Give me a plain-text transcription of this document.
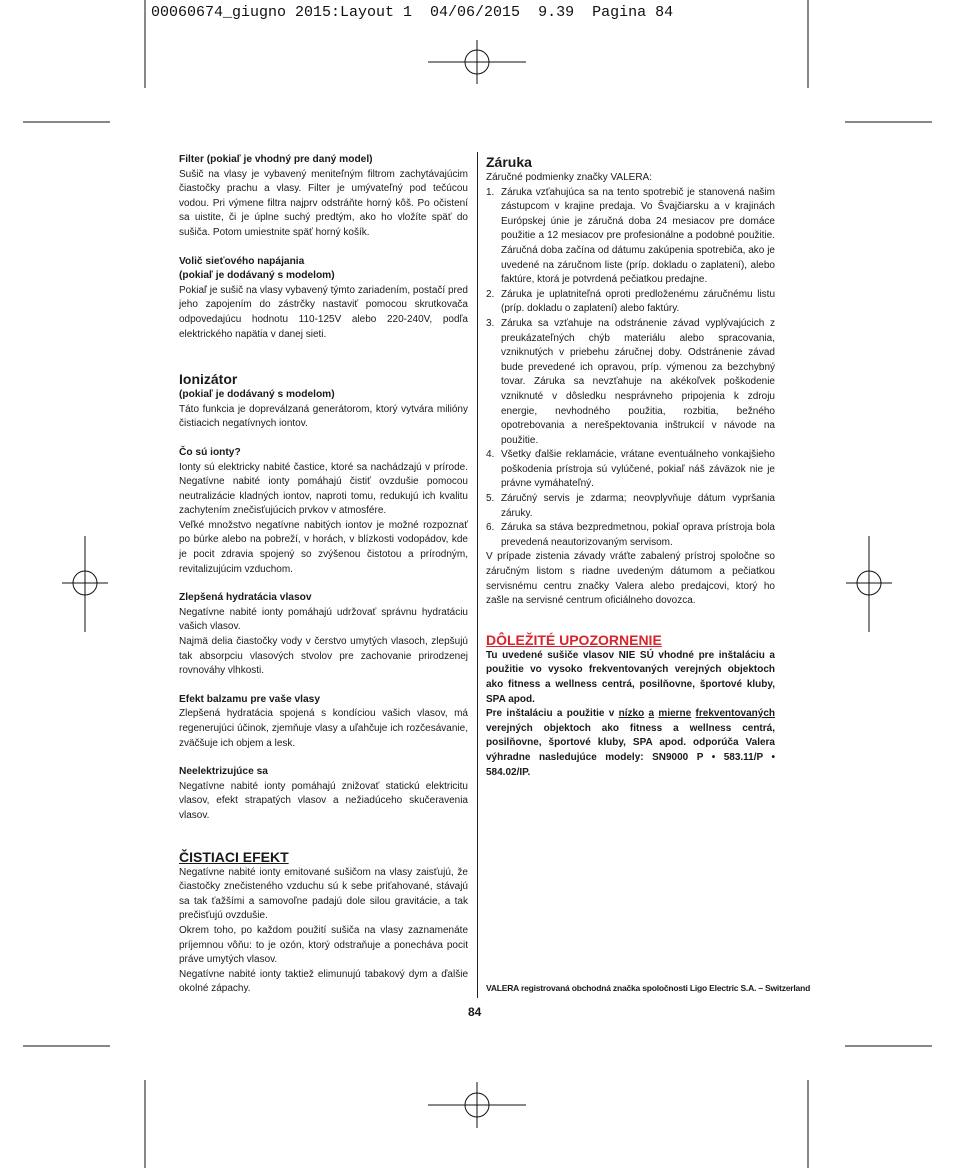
00060674_giugno 2015:Layout 1  04/06/2015  9.39  Pagina 84

Filter (pokiaľ je vhodný pre daný model)

Sušič na vlasy je vybavený meniteľným filtrom zachytávajúcim čiastočky prachu a vlasy. Filter je umývateľný pod tečúcou vodou. Pri výmene filtra najprv odstráňte horný kôš. Po očistení sa uistite, či je úplne suchý predtým, ako ho vložíte späť do sušiča. Potom umiestnite späť horný košík.

Volič sieťového napájania

(pokiaľ je dodávaný s modelom)

Pokiaľ je sušič na vlasy vybavený týmto zariadením, postačí pred jeho zapojením do zástrčky nastaviť pomocou skrutkovača odpovedajúcu hodnotu 110-125V alebo 220-240V, podľa elektrického napätia v danej sieti.

Ionizátor

(pokiaľ je dodávaný s modelom)

Táto funkcia je dopreválzaná generátorom, ktorý vytvára milióny čistiacich negatívnych iontov.

Čo sú ionty?

Ionty sú elektricky nabité častice, ktoré sa nachádzajú v prírode. Negatívne nabité ionty pomáhajú čistiť ovzdušie pomocou neutralizácie kladných iontov, naproti tomu, redukujú ich kvalitu zachytením znečisťujúcich prvkov v atmosfére.

Veľké množstvo negatívne nabitých iontov je možné rozpoznať po búrke alebo na pobreží, v horách, v blízkosti vodopádov, kde je pocit zdravia spojený so zvýšenou čistotou a prírodným, revitalizujúcim vzduchom.

Zlepšená hydratácia vlasov

Negatívne nabité ionty pomáhajú udržovať správnu hydratáciu vašich vlasov.

Najmä delia čiastočky vody v čerstvo umytých vlasoch, zlepšujú tak absorpciu vlasových stvolov pre zachovanie prirodzenej rovnováhy vlhkosti.

Efekt balzamu pre vaše vlasy

Zlepšená hydratácia spojená s kondíciou vašich vlasov, má regenerujúci účinok, zjemňuje vlasy a uľahčuje ich rozčesávanie, zväčšuje ich objem a lesk.

Neelektrizujúce sa

Negatívne nabité ionty pomáhajú znižovať statickú elektricitu vlasov, efekt strapatých vlasov a nežiadúceho skučeravenia vlasov.

ČISTIACI EFEKT

Negatívne nabité ionty emitované sušičom na vlasy zaisťujú, že čiastočky znečisteného vzduchu sú k sebe priťahované, stávajú sa tak ťažšími a samovoľne padajú dole silou gravitácie, a tak prečisťujú ovzdušie.

Okrem toho, po každom použití sušiča na vlasy zaznamenáte príjemnou vôňu: to je ozón, ktorý odstraňuje a ponecháva pocit práve umytých vlasov.

Negatívne nabité ionty taktiež elimunujú tabakový dym a ďalšie okolné zápachy.

Záruka

Záručné podmienky značky VALERA:

1. Záruka vzťahujúca sa na tento spotrebič je stanovená našim zástupcom v krajine predaja. Vo Švajčiarsku a v krajinách Európskej únie je záručná doba 24 mesiacov pre domáce použitie a 12 mesiacov pre profesionálne a podobné použitie. Záručná doba začína od dátumu zakúpenia spotrebiča, ako je uvedené na záručnom liste (príp. dokladu o zaplatení), alebo faktúre, ktorá je potvrdená pečiatkou predajne.
2. Záruka je uplatniteľná oproti predloženému záručnému listu (príp. dokladu o zaplatení) alebo faktúry.
3. Záruka sa vzťahuje na odstránenie závad vyplývajúcich z preukázateľných chýb materiálu alebo spracovania, vzniknutých v priebehu záručnej doby. Odstránenie závad bude prevedené ich opravou, príp. výmenou za bezchybný tovar. Záruka sa nevzťahuje na akékoľvek poškodenie vzniknuté v dôsledku nesprávneho pripojenia k zdroju energie, nevhodného použitia, rozbitia, bežného opotrebovania a nerešpektovania inštrukcií v návode na použitie.
4. Všetky ďalšie reklamácie, vrátane eventuálneho vonkajšieho poškodenia prístroja sú vylúčené, pokiaľ náš záväzok nie je právne vymáhateľný.
5. Záručný servis je zdarma; neovplyvňuje dátum vypršania záruky.
6. Záruka sa stáva bezpredmetnou, pokiaľ oprava prístroja bola prevedená neautorizovaným servisom.

V prípade zistenia závady vráťte zabalený prístroj spoločne so záručným listom s riadne uvedeným dátumom a pečiatkou servisnému centru značky Valera alebo predajcovi, ktorý ho zašle na servisné centrum oficiálneho dovozca.

DÔLEŽITÉ UPOZORNENIE

Tu uvedené sušiče vlasov NIE SÚ vhodné pre inštaláciu a použitie vo vysoko frekventovaných verejných objektoch ako fitness a wellness centrá, posilňovne, športové kluby, SPA apod.

Pre inštaláciu a použitie v nízko a mierne frekventovaných verejných objektoch ako fitness a wellness centrá, posilňovne, športové kluby, SPA apod. odporúča Valera výhradne nasledujúce modely: SN9000 P • 583.11/P • 584.02/IP.

VALERA registrovaná obchodná značka spoločnosti Ligo Electric S.A. – Switzerland
84
